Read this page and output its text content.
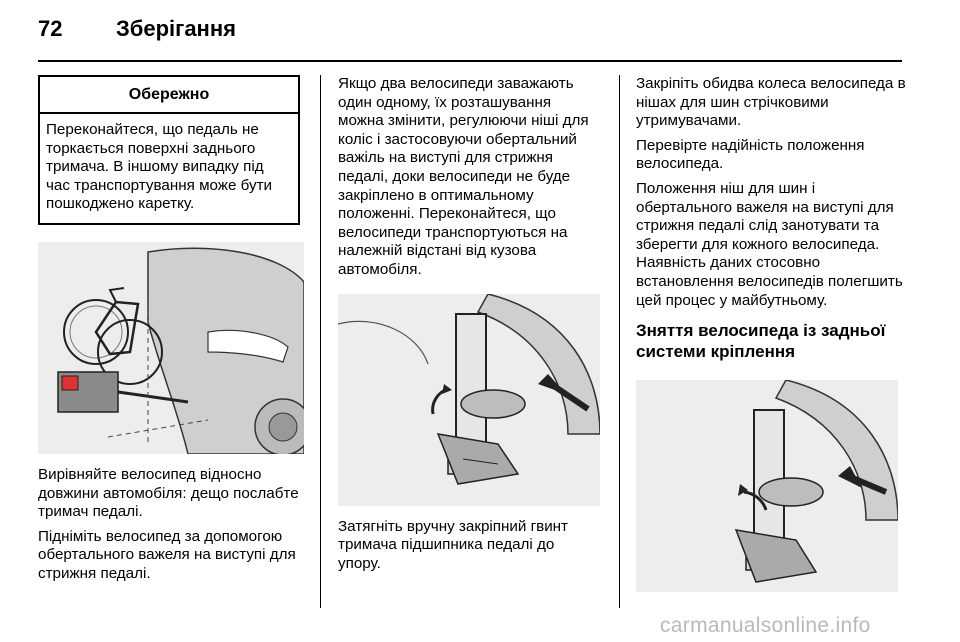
72 Зберігання
Обережно
Переконайтеся, що педаль не торкається поверхні заднього тримача. В іншому випадку під час транспортування може бути пошкоджено каретку.

Вирівняйте велосипед відносно довжини автомобіля: дещо послабте тримач педалі.

Підніміть велосипед за допомогою обертального важеля на виступі для стрижня педалі.

Якщо два велосипеди заважають один одному, їх розташування можна змінити, регулюючи ніші для коліс і застосовуючи обертальний важіль на виступі для стрижня педалі, доки велосипеди не буде закріплено в оптимальному положенні. Переконайтеся, що велосипеди транспортуються на належній відстані від кузова автомобіля.

Затягніть вручну закріпний гвинт тримача підшипника педалі до упору.

Закріпіть обидва колеса велосипеда в нішах для шин стрічковими утримувачами.

Перевірте надійність положення велосипеда.

Положення ніш для шин і обертального важеля на виступі для стрижня педалі слід занотувати та зберегти для кожного велосипеда. Наявність даних стосовно встановлення велосипедів полегшить цей процес у майбутньому.

Зняття велосипеда із задньої системи кріплення
carmanualsonline.info
